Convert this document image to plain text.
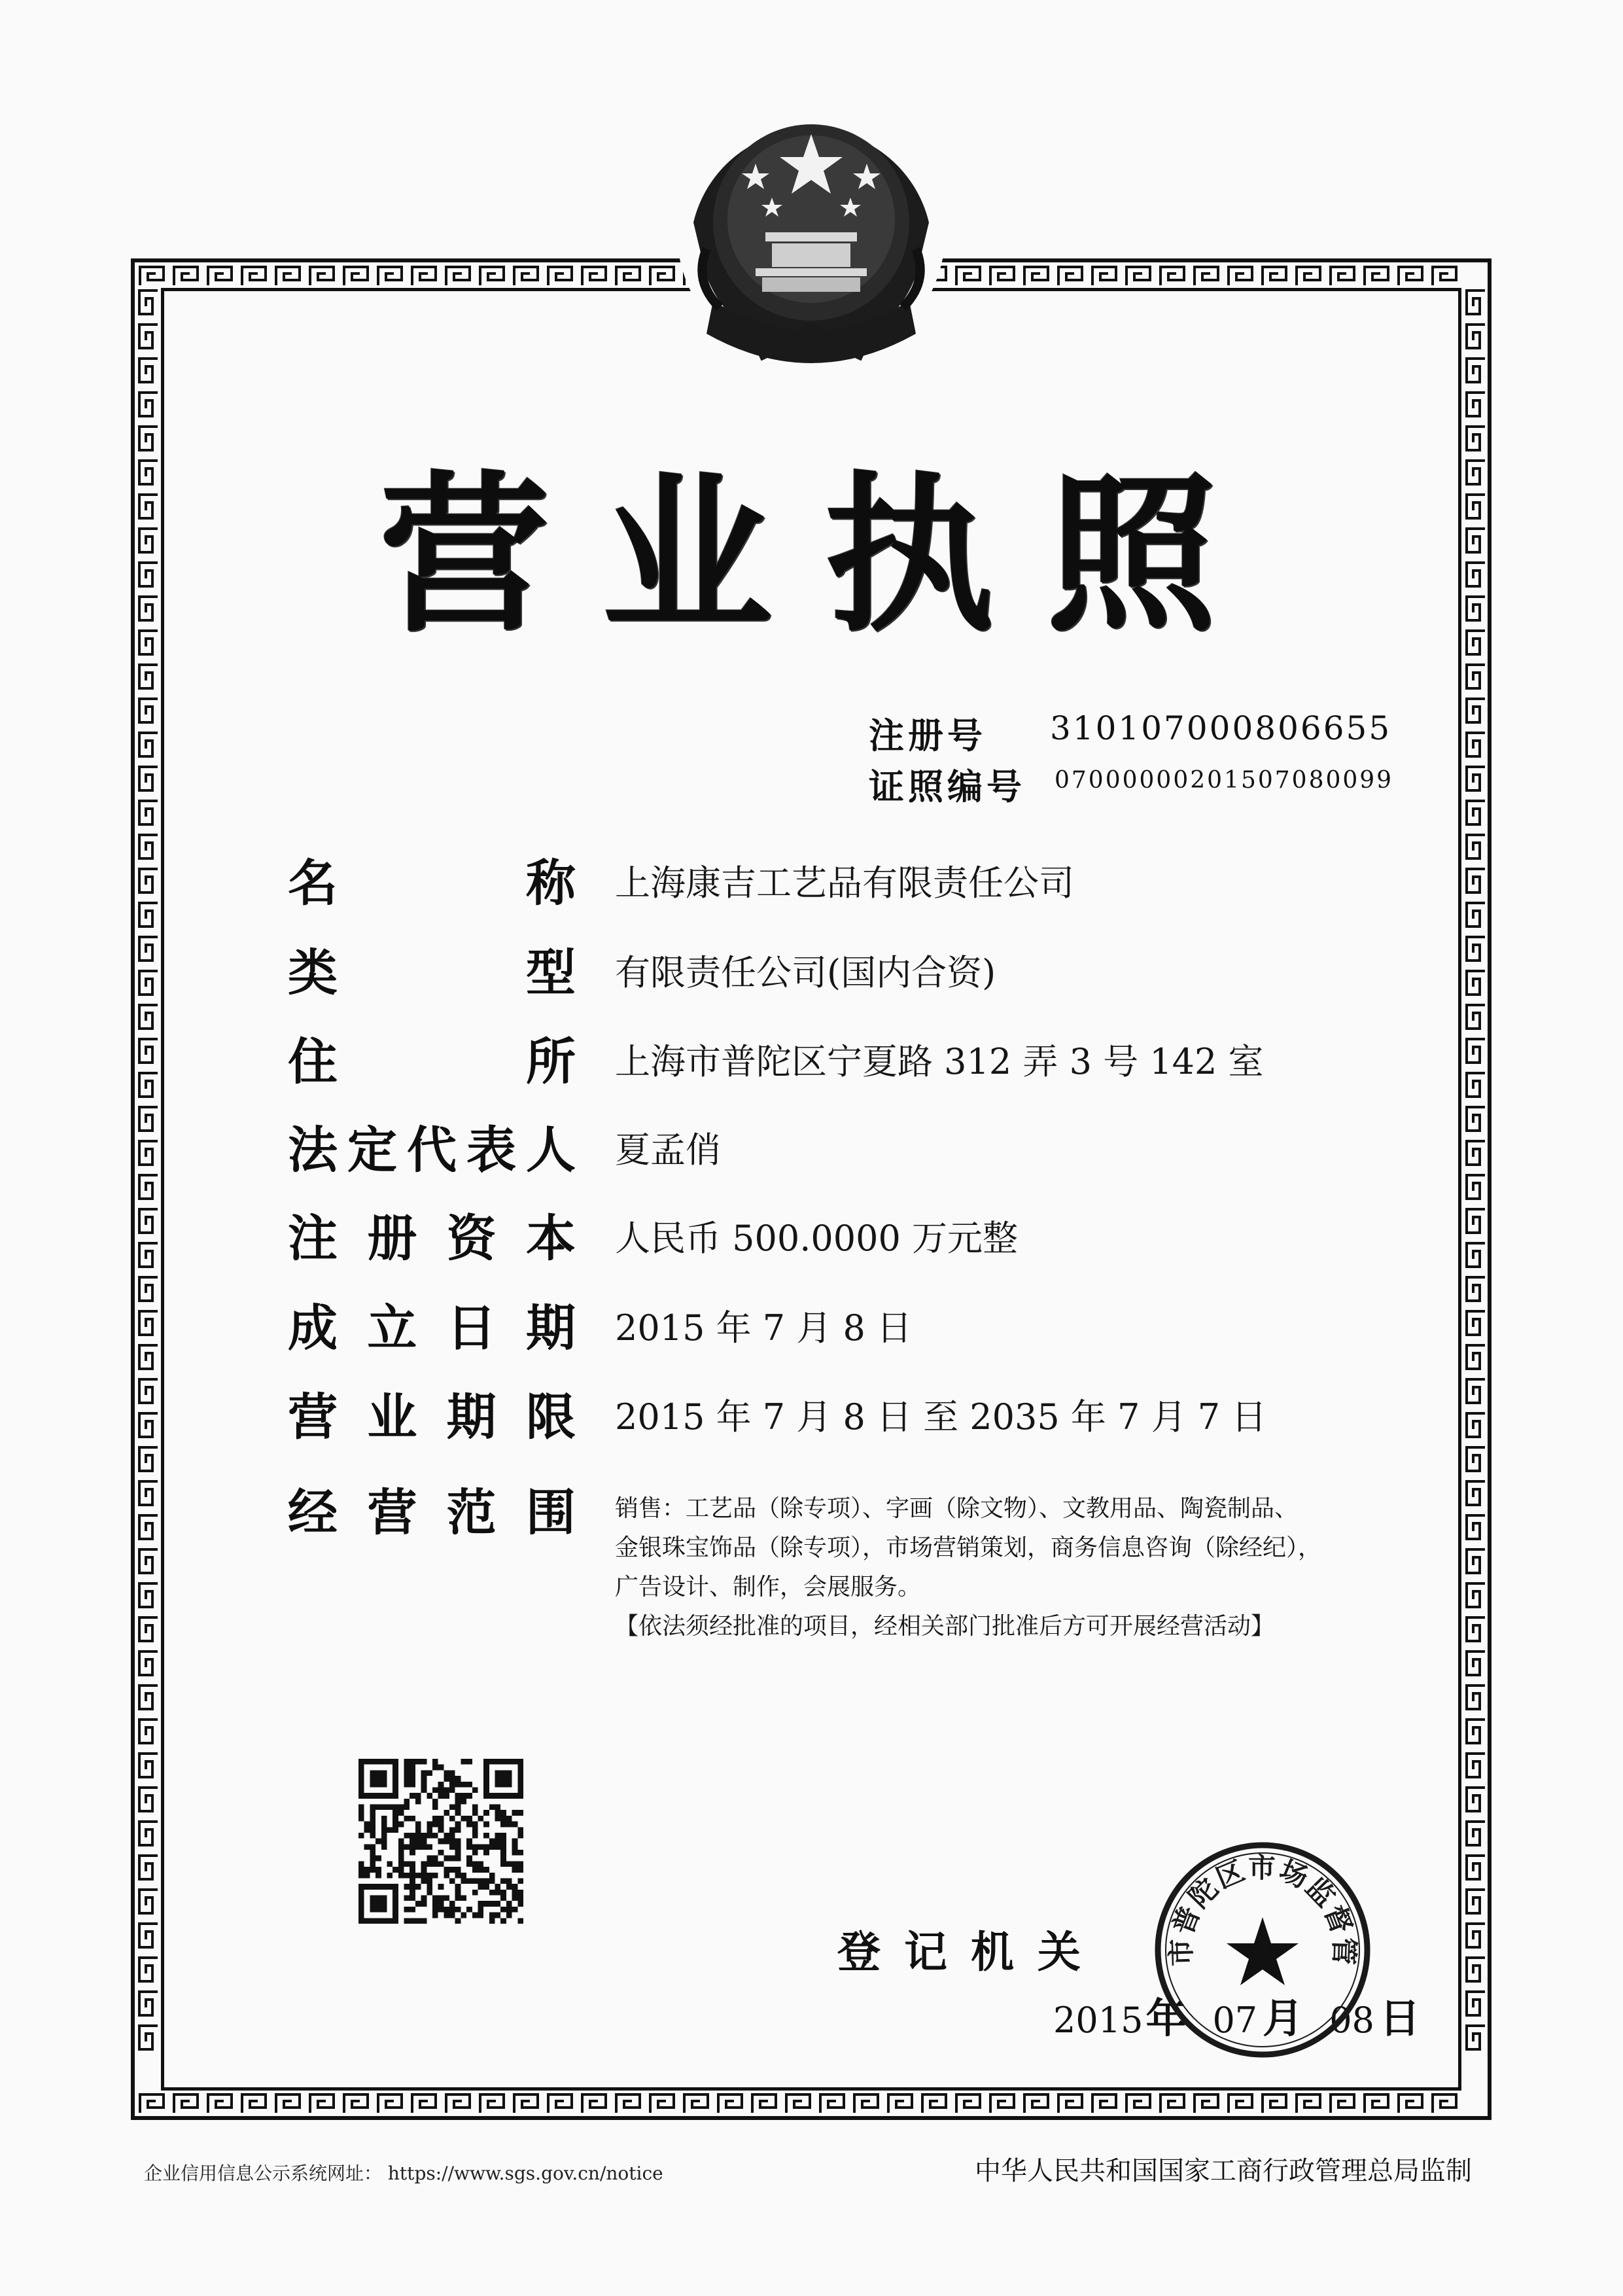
营业执照
注册号 310107000806655
证照编号 07000000201507080099
名	称 上海康吉工艺品有限责任公司
类	型 有限责任公司(国内合资)
住	所 上海市普陀区宁夏路 312 弄 3 号 142 室
法 定 代 表 人 夏孟俏
注 册 资 本 人民币 500.0000 万元整
成 立 日 期 2015 年 7 月 8 日
营 业 期 限 2015 年 7 月 8 日 至 2035 年 7 月 7 日
经 营 范 围 销售：工艺品（除专项）、字画（除文物）、文教用品、陶瓷制品、
金银珠宝饰品（除专项），市场营销策划，商务信息咨询（除经纪），
广告设计、制作，会展服务。
【依法须经批准的项目，经相关部门批准后方可开展经营活动】
登记机关
2015年 07 月 08 日
市普陀区市场监督管
企业信用信息公示系统网址： https://www.sgs.gov.cn/notice	中华人民共和国国家工商行政管理总局监制
